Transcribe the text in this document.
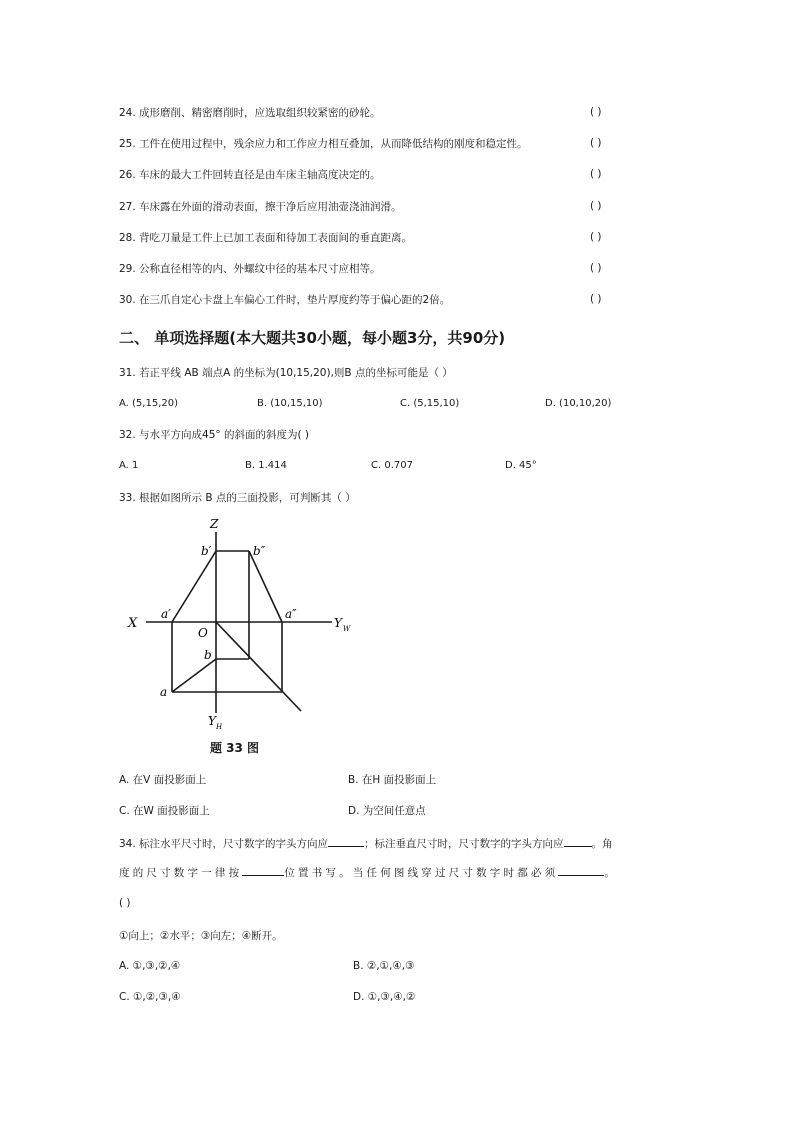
24. 成形磨削、精密磨削时，应选取组织较紧密的砂轮。	( )
25. 工件在使用过程中，残余应力和工作应力相互叠加，从而降低结构的刚度和稳定性。	( )
26. 车床的最大工件回转直径是由车床主轴高度决定的。	( )
27. 车床露在外面的滑动表面，擦干净后应用油壶浇油润滑。	( )
28. 背吃刀量是工件上已加工表面和待加工表面间的垂直距离。	( )
29. 公称直径相等的内、外螺纹中径的基本尺寸应相等。	( )
30. 在三爪自定心卡盘上车偏心工件时，垫片厚度约等于偏心距的2倍。	( )
二、 单项选择题(本大题共30小题，每小题3分，共90分)
31. 若正平线 AB 端点A 的坐标为(10,15,20),则B 点的坐标可能是（ ）
A. (5,15,20)	B. (10,15,10)	C. (5,15,10)	D. (10,10,20)
32. 与水平方向成45° 的斜面的斜度为( )
A. 1	B. 1.414	C. 0.707	D. 45°
33. 根据如图所示 B 点的三面投影，可判断其（ ）
Z
b′	b″
X
a′	a″
Y W
O
b
a
Y H
题 33 图
A. 在V 面投影面上	B. 在H 面投影面上
C. 在W 面投影面上	D. 为空间任意点
34. 标注水平尺寸时，尺寸数字的字头方向应	；标注垂直尺寸时，尺寸数字的字头方向应	。角
度的尺寸数字一律按	位置书写。当任何图线穿过尺寸数字时都必须	。
( )
①向上；②水平；③向左；④断开。
A. ①,③,②,④	B. ②,①,④,③
C. ①,②,③,④	D. ①,③,④,②
